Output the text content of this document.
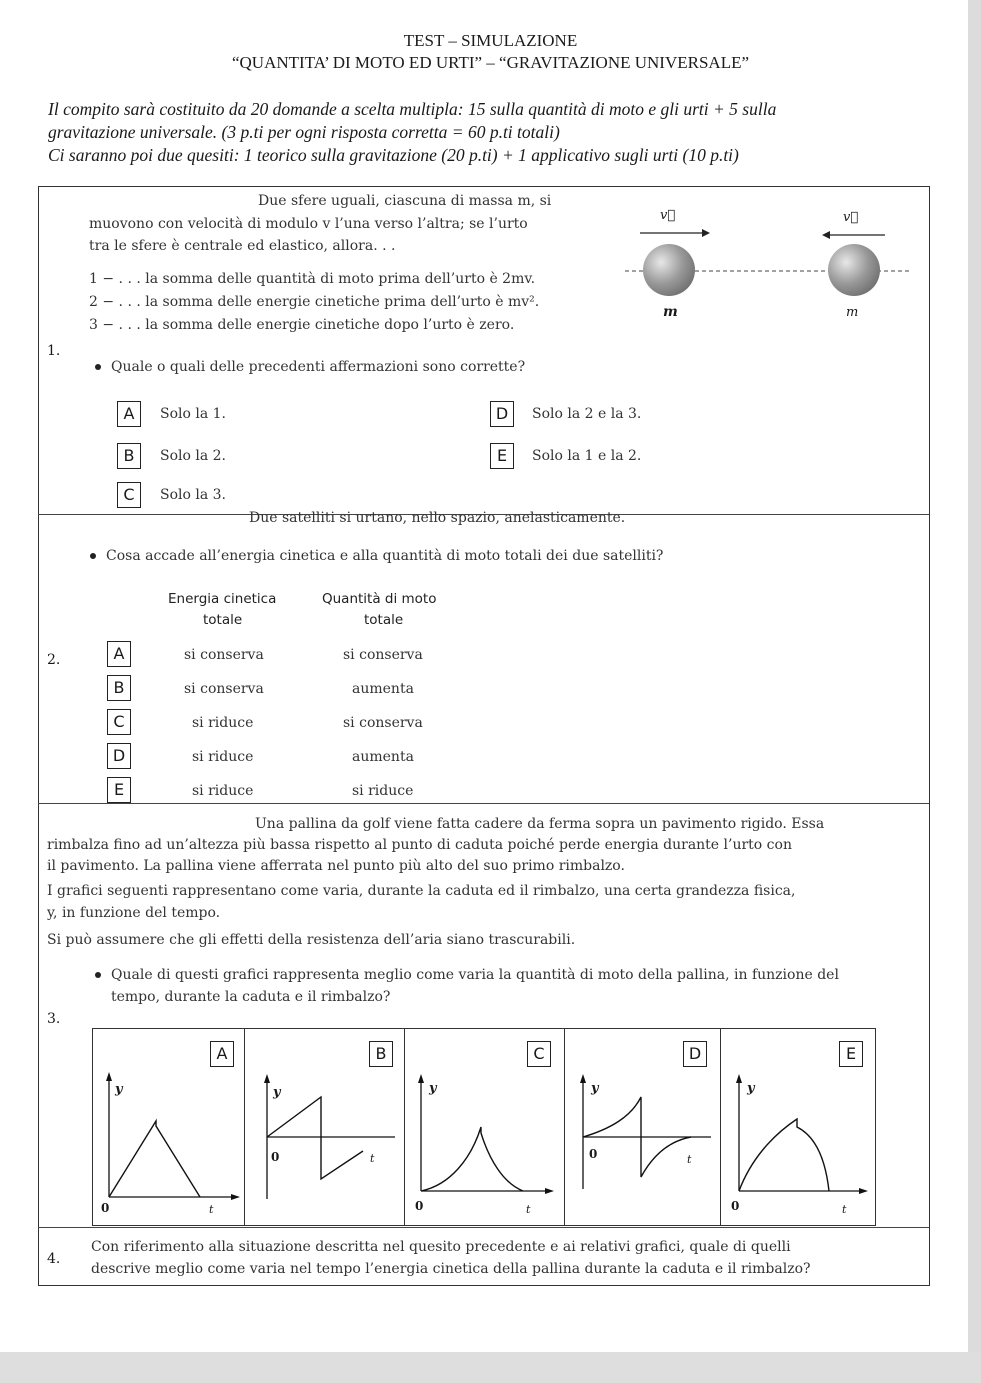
TEST – SIMULAZIONE
“QUANTITA’ DI MOTO ED URTI” – “GRAVITAZIONE UNIVERSALE”
Il compito sarà costituito da 20 domande a scelta multipla: 15 sulla quantità di moto e gli urti + 5 sulla
gravitazione universale. (3 p.ti per ogni risposta corretta = 60 p.ti totali)
Ci saranno poi due quesiti: 1 teorico sulla gravitazione (20 p.ti) + 1 applicativo sugli urti (10 p.ti)
1.
Due sfere uguali, ciascuna di massa m, si
muovono con velocità di modulo v l’una verso l’altra; se l’urto
tra le sfere è centrale ed elastico, allora. . .
1 − . . . la somma delle quantità di moto prima dell’urto è 2mv.
2 − . . . la somma delle energie cinetiche prima dell’urto è mv².
3 − . . . la somma delle energie cinetiche dopo l’urto è zero.
Quale o quali delle precedenti affermazioni sono corrette?
v⃗	v⃗
m	m
A	Solo la 1.
B	Solo la 2.
C	Solo la 3.
D	Solo la 2 e la 3.
E	Solo la 1 e la 2.
Due satelliti si urtano, nello spazio, anelasticamente.
Cosa accade all’energia cinetica e alla quantità di moto totali dei due satelliti?
Energia cinetica
totale
Quantità di moto
totale
2.	A	si conserva	si conserva
B	si conserva	aumenta
C	si riduce	si conserva
D	si riduce	aumenta
E	si riduce	si riduce
Una pallina da golf viene fatta cadere da ferma sopra un pavimento rigido. Essa
rimbalza fino ad un’altezza più bassa rispetto al punto di caduta poiché perde energia durante l’urto con
il pavimento. La pallina viene afferrata nel punto più alto del suo primo rimbalzo.
I grafici seguenti rappresentano come varia, durante la caduta ed il rimbalzo, una certa grandezza fisica,
y, in funzione del tempo.
Si può assumere che gli effetti della resistenza dell’aria siano trascurabili.
Quale di questi grafici rappresenta meglio come varia la quantità di moto della pallina, in funzione del
tempo, durante la caduta e il rimbalzo?
3.
A
y
0	t
B
y
0	t
C
y
0	t
D
y
0	t
E
y
0	t
4.
Con riferimento alla situazione descritta nel quesito precedente e ai relativi grafici, quale di quelli
descrive meglio come varia nel tempo l’energia cinetica della pallina durante la caduta e il rimbalzo?
